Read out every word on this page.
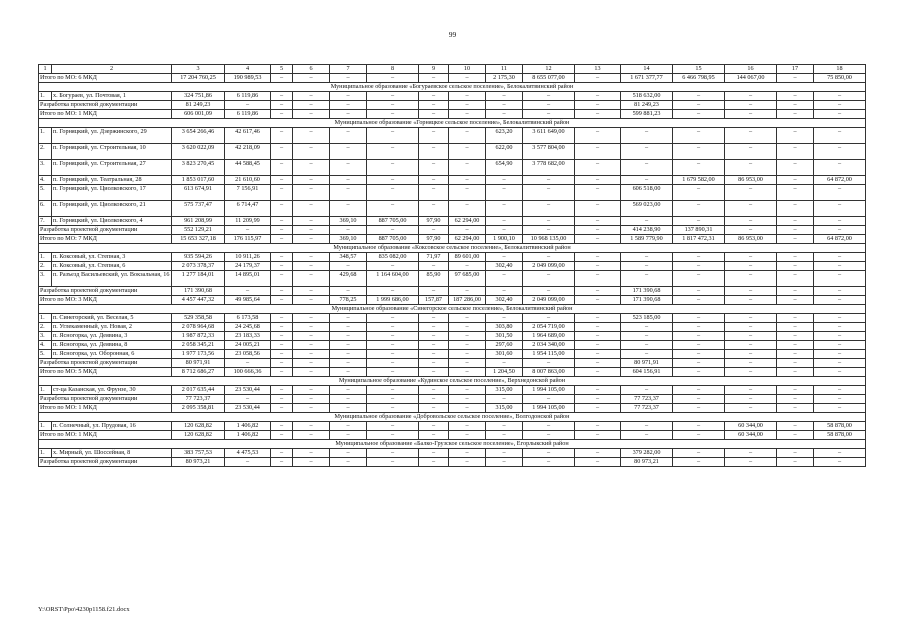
99
1	2	3	4	5	6	7	8	9	10	11	12	13	14	15	16	17	18
Итого по МО: 6 МКД		17 204 760,25	190 989,53	–	–	–	–	–	–	2 175,30	8 655 077,00	–	1 671 377,77	6 466 798,95	144 067,00	–	75 850,00
Муниципальное образование «Богураевское сельское поселение», Белокалитвинский район																	
1.	х. Богураев, ул. Почтовая, 1	324 751,86	6 119,86	–	–	–	–	–	–	–	–	–	518 632,00	–	–	–	–
Разработка проектной документации		81 249,23	–	–	–	–	–	–	–	–	–	–	81 249,23	–	–	–	–
Итого по МО: 1 МКД		606 001,09	6 119,86	–	–	–	–	–	–	–	–	–	599 881,23	–	–	–	–
Муниципальное образование «Горняцкое сельское поселение», Белокалитвинский район																	
1.	п. Горняцкий, ул. Дзержинского, 29	3 654 266,46	42 617,46	–	–	–	–	–	–	623,20	3 611 649,00	–	–	–	–	–	–
2.	п. Горняцкий, ул. Строительная, 10	3 620 022,09	42 218,09	–	–	–	–	–	–	622,00	3 577 804,00	–	–	–	–	–	–
3.	п. Горняцкий, ул. Строительная, 27	3 823 270,45	44 588,45	–	–	–	–	–	–	654,90	3 778 682,00	–	–	–	–	–	–
4.	п. Горняцкий, ул. Театральная, 28	1 853 017,60	21 610,60	–	–	–	–	–	–	–	–	–	–	1 679 582,00	86 953,00	–	64 872,00
5.	п. Горняцкий, ул. Циолковского, 17	613 674,91	7 156,91	–	–	–	–	–	–	–	–	–	606 518,00	–	–	–	–
6.	п. Горняцкий, ул. Циолковского, 21	575 737,47	6 714,47	–	–	–	–	–	–	–	–	–	569 023,00	–	–	–	–
7.	п. Горняцкий, ул. Циолковского, 4	961 208,99	11 209,99	–	–	369,10	887 705,00	97,90	62 294,00	–	–	–	–	–	–	–	–
Разработка проектной документации		552 129,21	–	–	–	–	–	–	–	–	–	–	414 238,90	137 890,31	–	–	–
Итого по МО: 7 МКД		15 653 327,18	176 115,97	–	–	369,10	887 705,00	97,90	62 294,00	1 900,10	10 968 135,00	–	1 589 779,90	1 817 472,31	86 953,00	–	64 872,00
Муниципальное образование «Коксовское сельское поселение», Белокалитвинский район																	
1.	п. Коксовый, ул. Степная, 3	935 594,26	10 911,26	–	–	348,57	835 082,00	71,97	89 601,00	–	–	–	–	–	–	–	–
2.	п. Коксовый, ул. Степная, 6	2 073 378,37	24 179,37	–	–	–	–	–	–	302,40	2 049 099,00	–	–	–	–	–	–
3.	п. Разъезд Васильевский, ул. Вокзальная, 16	1 277 184,01	14 895,01	–	–	429,68	1 164 604,00	85,90	97 685,00	–	–	–	–	–	–	–	–
Разработка проектной документации		171 390,68	–	–	–	–	–	–	–	–	–	–	171 390,68	–	–	–	–
Итого по МО: 3 МКД		4 457 447,32	49 985,64	–	–	778,25	1 999 686,00	157,87	187 286,00	302,40	2 049 099,00	–	171 390,68	–	–	–	–
Муниципальное образование «Синегорское сельское поселение», Белокалитвинский район																	
1.	п. Синегорский, ул. Веселая, 5	529 358,58	6 173,58	–	–	–	–	–	–	–	–	–	523 185,00	–	–	–	–
2.	п. Углекаменный, ул. Новая, 2	2 078 964,68	24 245,68	–	–	–	–	–	–	303,80	2 054 719,00	–	–	–	–	–	–
3.	п. Ясногорка, ул. Деявина, 3	1 987 872,33	23 183,33	–	–	–	–	–	–	301,50	1 964 689,00	–	–	–	–	–	–
4.	п. Ясногорка, ул. Деявина, 8	2 058 345,21	24 005,21	–	–	–	–	–	–	297,60	2 034 340,00	–	–	–	–	–	–
5.	п. Ясногорка, ул. Оборонная, 6	1 977 173,56	23 058,56	–	–	–	–	–	–	301,60	1 954 115,00	–	–	–	–	–	–
Разработка проектной документации		80 971,91	–	–	–	–	–	–	–	–	–	–	80 971,91	–	–	–	–
Итого по МО: 5 МКД		8 712 686,27	100 666,36	–	–	–	–	–	–	1 204,50	8 007 863,00	–	604 156,91	–	–	–	–
Муниципальное образование «Кудинское сельское поселение», Верхнедонской район																	
1.	ст-ца Казанская, ул. Фрунзе, 30	2 017 635,44	23 530,44	–	–	–	–	–	–	315,00	1 994 105,00	–	–	–	–	–	–
Разработка проектной документации		77 723,37	–	–	–	–	–	–	–	–	–	–	77 723,37	–	–	–	–
Итого по МО: 1 МКД		2 095 358,81	23 530,44	–	–	–	–	–	–	315,00	1 994 105,00	–	77 723,37	–	–	–	–
Муниципальное образование «Добровольское сельское поселение», Волгодонской район																	
1.	п. Солнечный, ул. Прудовая, 16	120 628,82	1 406,82	–	–	–	–	–	–	–	–	–	–	–	60 344,00	–	58 878,00
Итого по МО: 1 МКД		120 628,82	1 406,82	–	–	–	–	–	–	–	–	–	–	–	60 344,00	–	58 878,00
Муниципальное образование «Балко-Грузское сельское поселение», Егорлыкский район																	
1.	х. Мирный, ул. Шоссейная, 8	383 757,53	4 475,53	–	–	–	–	–	–	–	–	–	379 282,00	–	–	–	–
Разработка проектной документации		80 973,21	–	–	–	–	–	–	–	–	–	–	80 973,21	–	–	–	–
Y:\ORST\Ppo\4230p1158.f21.docx
